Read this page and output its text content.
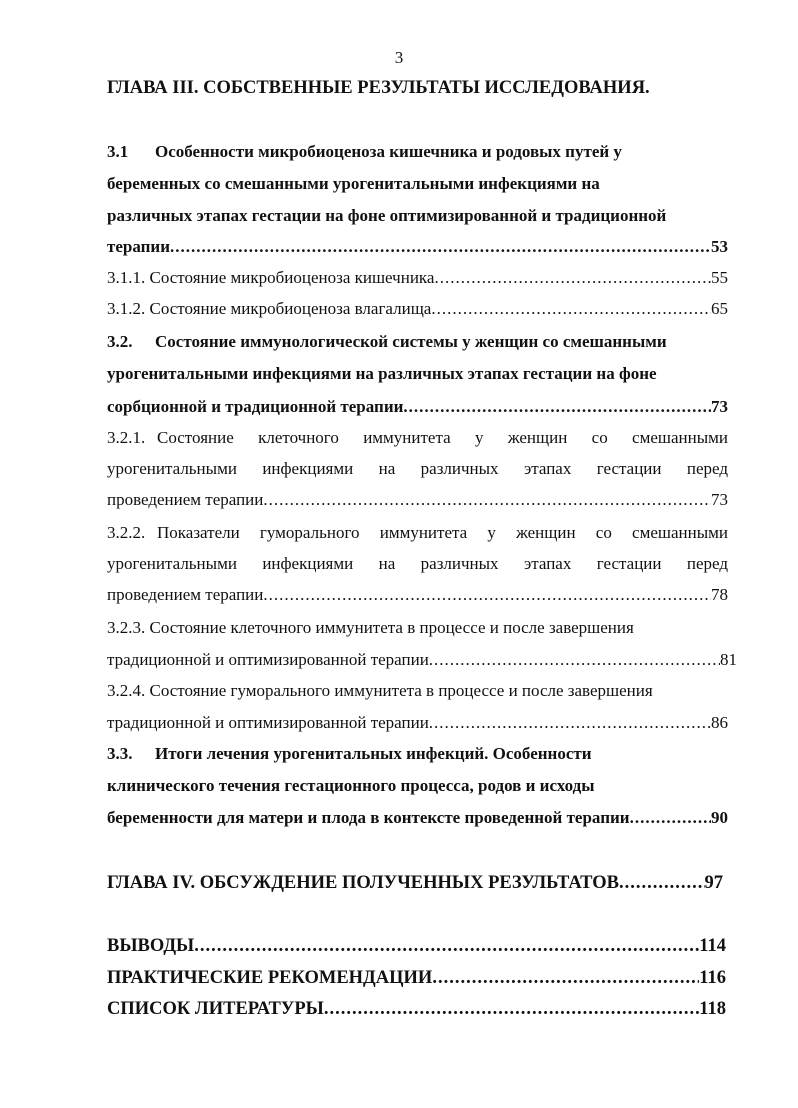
3
ГЛАВА III. СОБСТВЕННЫЕ РЕЗУЛЬТАТЫ ИССЛЕДОВАНИЯ.
3.1 Особенности микробиоценоза кишечника и родовых путей у
беременных со смешанными урогенитальными инфекциями на
различных этапах гестации на фоне оптимизированной и традиционной
терапии .....	53
3.1.1. Состояние микробиоценоза кишечника .....	55
3.1.2. Состояние микробиоценоза влагалища .....	65
3.2. Состояние иммунологической системы у женщин со смешанными
урогенитальными инфекциями на различных этапах гестации на фоне
сорбционной и традиционной терапии .....	73
3.2.1. Состояние клеточного иммунитета у женщин со смешанными
урогенитальными инфекциями на различных этапах гестации перед
проведением терапии .....	73
3.2.2. Показатели гуморального иммунитета у женщин со смешанными
урогенитальными инфекциями на различных этапах гестации перед
проведением терапии .....	78
3.2.3. Состояние клеточного иммунитета в процессе и после завершения
традиционной и оптимизированной терапии .....	81
3.2.4. Состояние гуморального иммунитета в процессе и после завершения
традиционной и оптимизированной терапии .....	86
3.3. Итоги лечения урогенитальных инфекций. Особенности
клинического течения гестационного процесса, родов и исходы
беременности для матери и плода в контексте проведенной терапии .....	90
ГЛАВА IV. ОБСУЖДЕНИЕ ПОЛУЧЕННЫХ РЕЗУЛЬТАТОВ .....	97
ВЫВОДЫ .....	114
ПРАКТИЧЕСКИЕ РЕКОМЕНДАЦИИ .....	116
СПИСОК ЛИТЕРАТУРЫ .....	118
